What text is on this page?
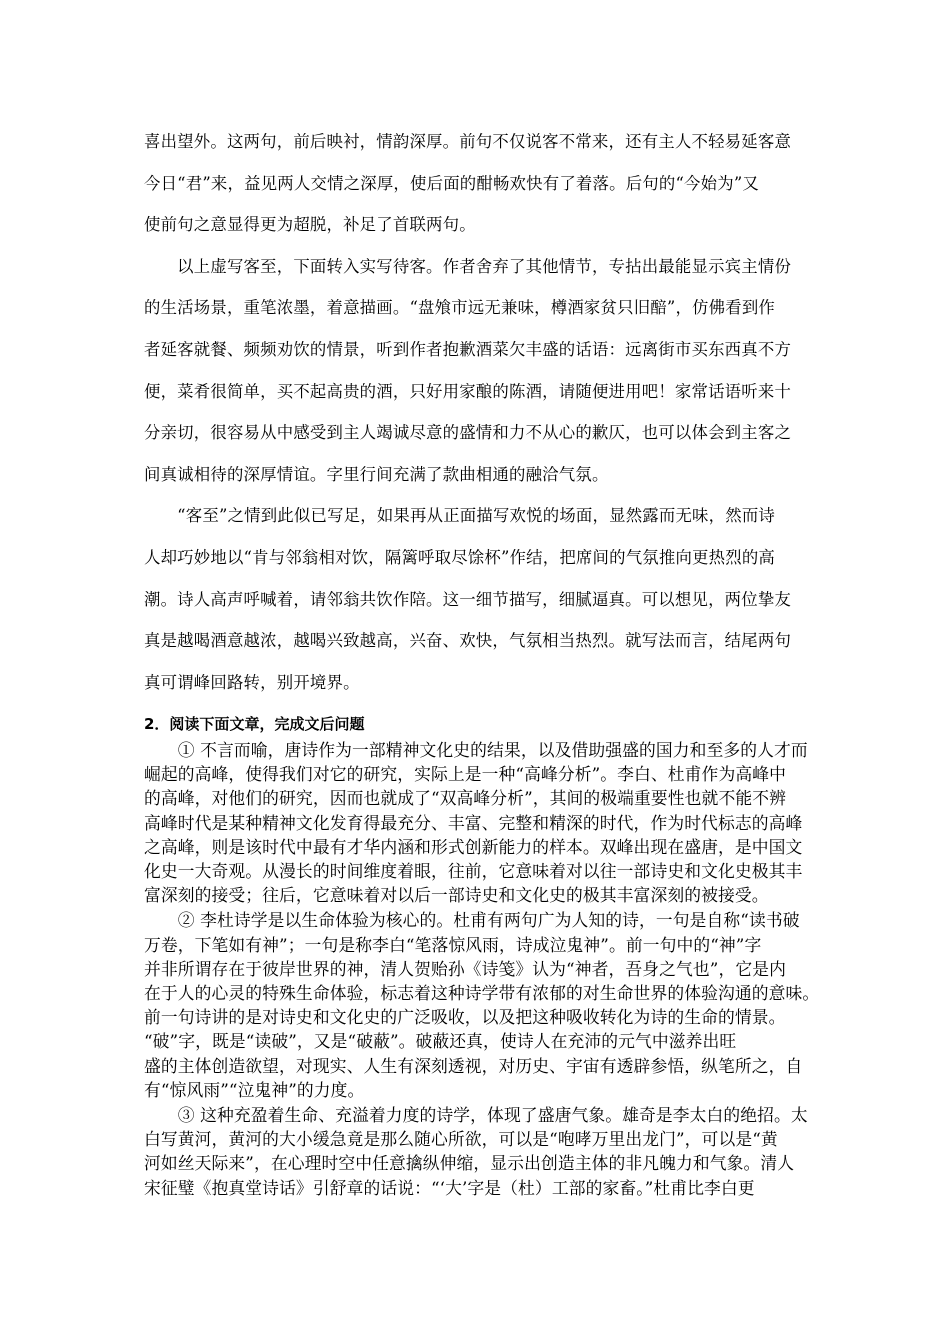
喜出望外。这两句，前后映衬，情韵深厚。前句不仅说客不常来，还有主人不轻易延客意

今日“君”来，益见两人交情之深厚，使后面的酣畅欢快有了着落。后句的“今始为”又

使前句之意显得更为超脱，补足了首联两句。

　　以上虚写客至，下面转入实写待客。作者舍弃了其他情节，专拈出最能显示宾主情份

的生活场景，重笔浓墨，着意描画。“盘飧市远无兼味，樽酒家贫只旧醅”，仿佛看到作

者延客就餐、频频劝饮的情景，听到作者抱歉酒菜欠丰盛的话语：远离街市买东西真不方

便，菜肴很简单，买不起高贵的酒，只好用家酿的陈酒，请随便进用吧！家常话语听来十

分亲切，很容易从中感受到主人竭诚尽意的盛情和力不从心的歉仄，也可以体会到主客之

间真诚相待的深厚情谊。字里行间充满了款曲相通的融洽气氛。

　　“客至”之情到此似已写足，如果再从正面描写欢悦的场面，显然露而无味，然而诗

人却巧妙地以“肯与邻翁相对饮，隔篱呼取尽馀杯”作结，把席间的气氛推向更热烈的高

潮。诗人高声呼喊着，请邻翁共饮作陪。这一细节描写，细腻逼真。可以想见，两位挚友

真是越喝酒意越浓，越喝兴致越高，兴奋、欢快，气氛相当热烈。就写法而言，结尾两句

真可谓峰回路转，别开境界。

2．阅读下面文章，完成文后问题

　　① 不言而喻，唐诗作为一部精神文化史的结果，以及借助强盛的国力和至多的人才而

崛起的高峰，使得我们对它的研究，实际上是一种“高峰分析”。李白、杜甫作为高峰中

的高峰，对他们的研究，因而也就成了“双高峰分析”，其间的极端重要性也就不能不辨

高峰时代是某种精神文化发育得最充分、丰富、完整和精深的时代，作为时代标志的高峰

之高峰，则是该时代中最有才华内涵和形式创新能力的样本。双峰出现在盛唐，是中国文

化史一大奇观。从漫长的时间维度着眼，往前，它意味着对以往一部诗史和文化史极其丰

富深刻的接受；往后，它意味着对以后一部诗史和文化史的极其丰富深刻的被接受。

　　② 李杜诗学是以生命体验为核心的。杜甫有两句广为人知的诗，一句是自称“读书破

万卷，下笔如有神”；一句是称李白“笔落惊风雨，诗成泣鬼神”。前一句中的“神”字

并非所谓存在于彼岸世界的神，清人贺贻孙《诗笺》认为“神者，吾身之气也”，它是内

在于人的心灵的特殊生命体验，标志着这种诗学带有浓郁的对生命世界的体验沟通的意味。

前一句诗讲的是对诗史和文化史的广泛吸收，以及把这种吸收转化为诗的生命的情景。

“破”字，既是“读破”，又是“破蔽”。破蔽还真，使诗人在充沛的元气中滋养出旺

盛的主体创造欲望，对现实、人生有深刻透视，对历史、宇宙有透辟参悟，纵笔所之，自

有“惊风雨”“泣鬼神”的力度。

　　③ 这种充盈着生命、充溢着力度的诗学，体现了盛唐气象。雄奇是李太白的绝招。太

白写黄河，黄河的大小缓急竟是那么随心所欲，可以是“咆哮万里出龙门”，可以是“黄

河如丝天际来”，在心理时空中任意擒纵伸缩，显示出创造主体的非凡魄力和气象。清人

宋征璧《抱真堂诗话》引舒章的话说：“‘大’字是（杜）工部的家畜。”杜甫比李白更
